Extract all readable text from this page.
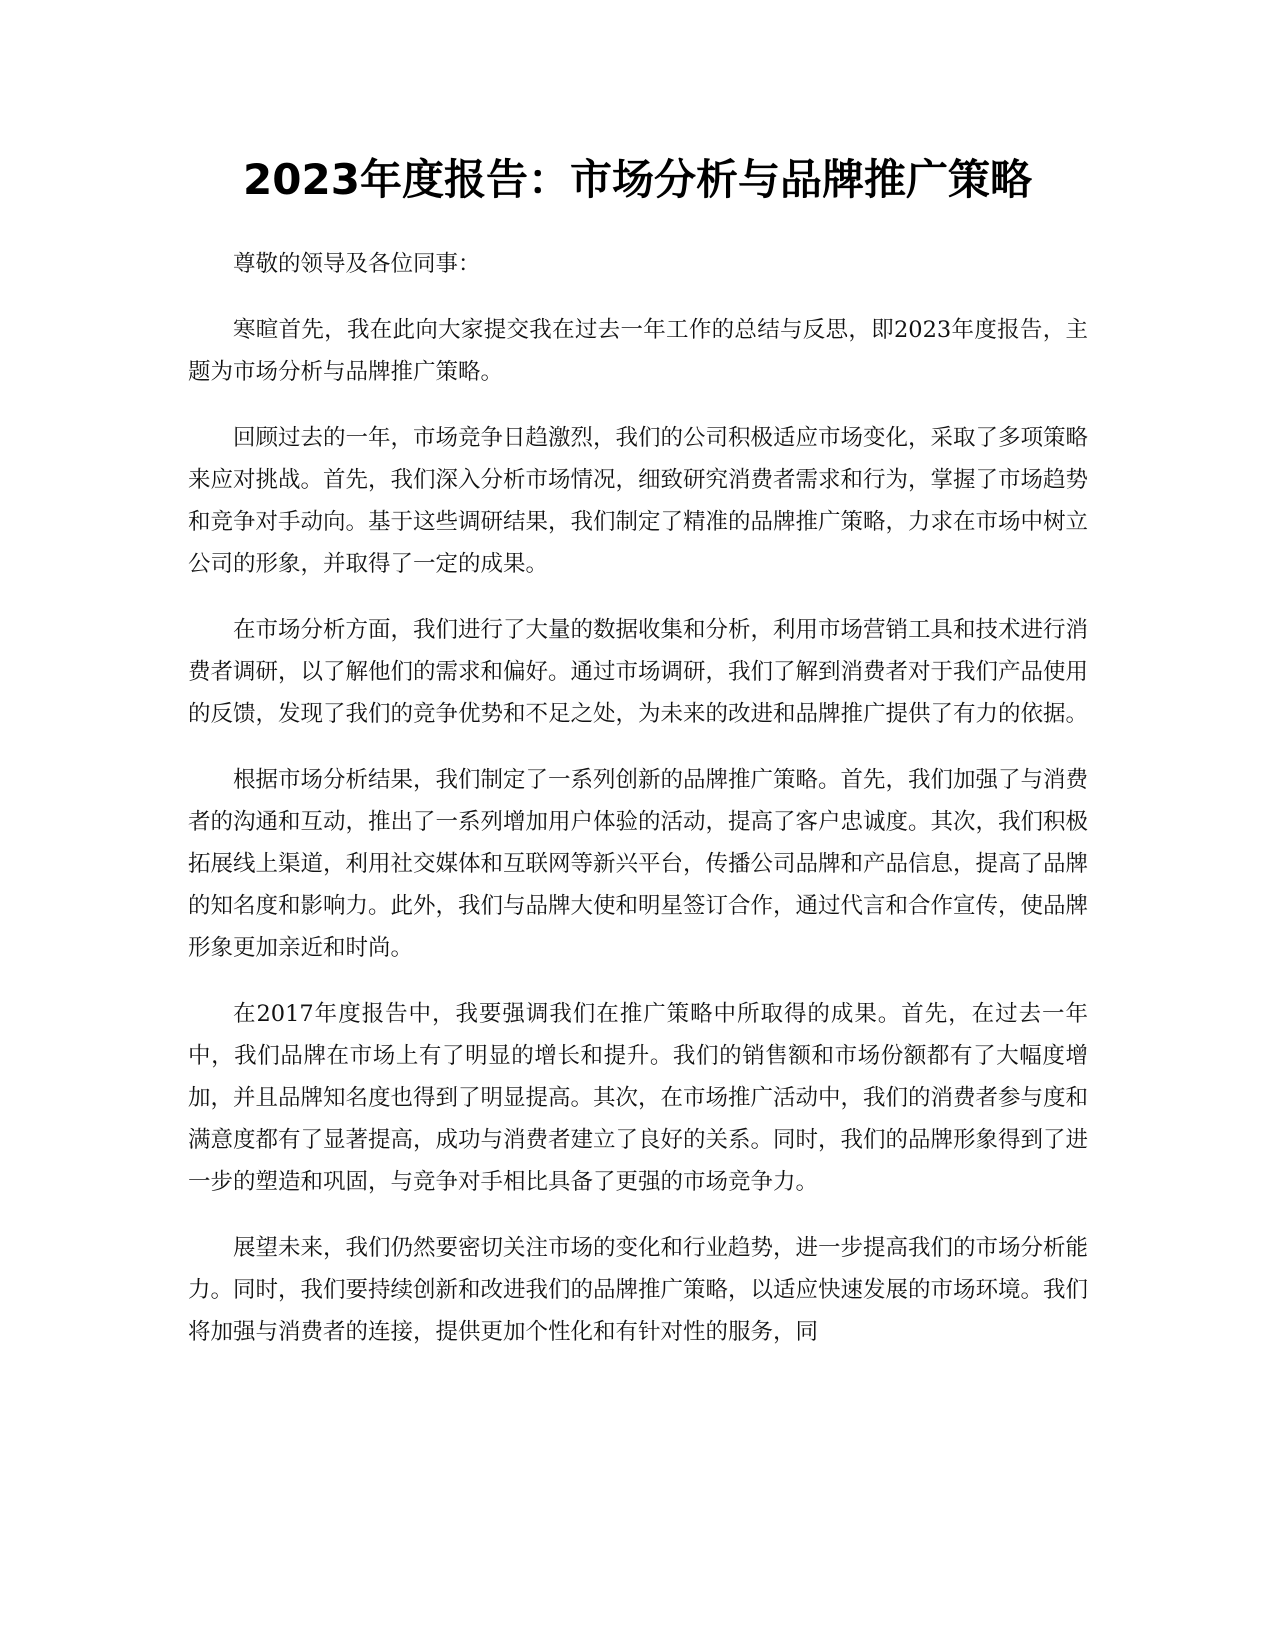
2023年度报告：市场分析与品牌推广策略

尊敬的领导及各位同事：

寒暄首先，我在此向大家提交我在过去一年工作的总结与反思，即2023年度报告，主题为市场分析与品牌推广策略。

回顾过去的一年，市场竞争日趋激烈，我们的公司积极适应市场变化，采取了多项策略来应对挑战。首先，我们深入分析市场情况，细致研究消费者需求和行为，掌握了市场趋势和竞争对手动向。基于这些调研结果，我们制定了精准的品牌推广策略，力求在市场中树立公司的形象，并取得了一定的成果。

在市场分析方面，我们进行了大量的数据收集和分析，利用市场营销工具和技术进行消费者调研，以了解他们的需求和偏好。通过市场调研，我们了解到消费者对于我们产品使用的反馈，发现了我们的竞争优势和不足之处，为未来的改进和品牌推广提供了有力的依据。

根据市场分析结果，我们制定了一系列创新的品牌推广策略。首先，我们加强了与消费者的沟通和互动，推出了一系列增加用户体验的活动，提高了客户忠诚度。其次，我们积极拓展线上渠道，利用社交媒体和互联网等新兴平台，传播公司品牌和产品信息，提高了品牌的知名度和影响力。此外，我们与品牌大使和明星签订合作，通过代言和合作宣传，使品牌形象更加亲近和时尚。

在2017年度报告中，我要强调我们在推广策略中所取得的成果。首先，在过去一年中，我们品牌在市场上有了明显的增长和提升。我们的销售额和市场份额都有了大幅度增加，并且品牌知名度也得到了明显提高。其次，在市场推广活动中，我们的消费者参与度和满意度都有了显著提高，成功与消费者建立了良好的关系。同时，我们的品牌形象得到了进一步的塑造和巩固，与竞争对手相比具备了更强的市场竞争力。

展望未来，我们仍然要密切关注市场的变化和行业趋势，进一步提高我们的市场分析能力。同时，我们要持续创新和改进我们的品牌推广策略，以适应快速发展的市场环境。我们将加强与消费者的连接，提供更加个性化和有针对性的服务，同
